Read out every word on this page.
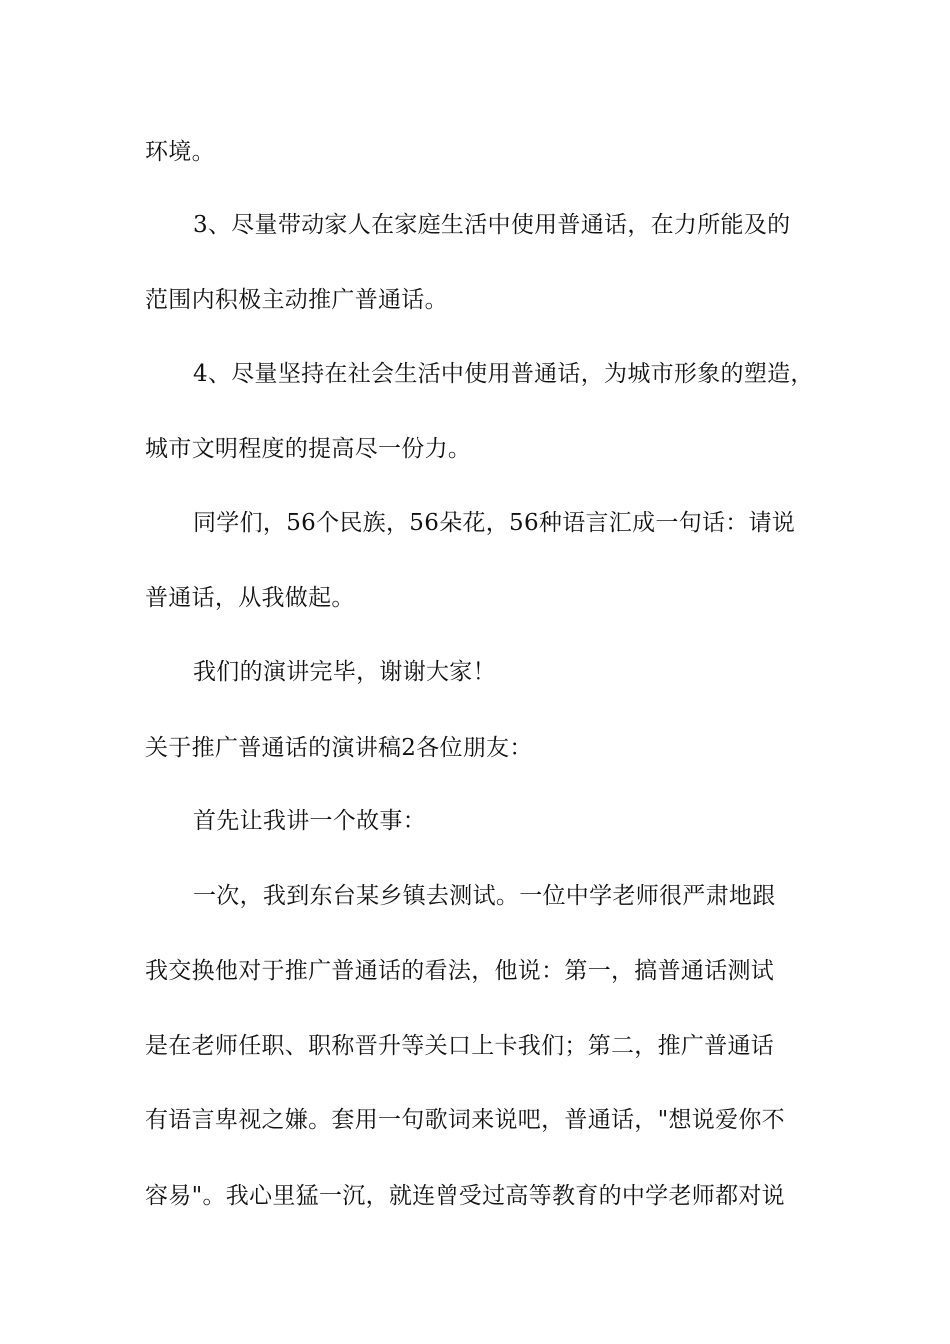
环境。

3、尽量带动家人在家庭生活中使用普通话，在力所能及的

范围内积极主动推广普通话。

4、尽量坚持在社会生活中使用普通话，为城市形象的塑造，

城市文明程度的提高尽一份力。

同学们，56个民族，56朵花，56种语言汇成一句话：请说

普通话，从我做起。

我们的演讲完毕，谢谢大家！

关于推广普通话的演讲稿2各位朋友：

首先让我讲一个故事：

一次，我到东台某乡镇去测试。一位中学老师很严肃地跟

我交换他对于推广普通话的看法，他说：第一，搞普通话测试

是在老师任职、职称晋升等关口上卡我们；第二，推广普通话

有语言卑视之嫌。套用一句歌词来说吧，普通话，"想说爱你不

容易"。我心里猛一沉，就连曾受过高等教育的中学老师都对说
